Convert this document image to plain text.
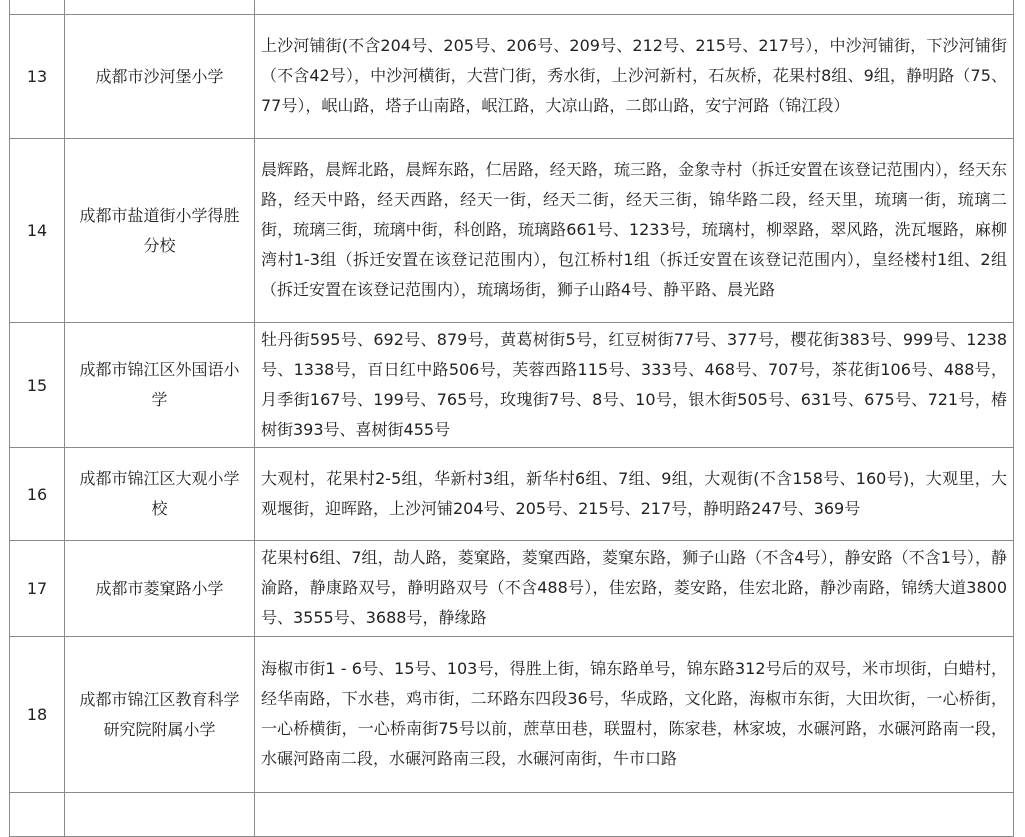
13	成都市沙河堡小学	上沙河铺街(不含204号、205号、206号、209号、212号、215号、217号），中沙河铺街，下沙河铺街（不含42号），中沙河横街，大营门街，秀水街，上沙河新村，石灰桥，花果村8组、9组，静明路（75、77号），岷山路，塔子山南路，岷江路，大凉山路，二郎山路，安宁河路（锦江段）
14	成都市盐道街小学得胜分校	晨辉路，晨辉北路，晨辉东路，仁居路，经天路，琉三路，金象寺村（拆迁安置在该登记范围内），经天东路，经天中路，经天西路，经天一街，经天二街，经天三街，锦华路二段，经天里，琉璃一街，琉璃二街，琉璃三街，琉璃中街，科创路，琉璃路661号、1233号，琉璃村，柳翠路，翠风路，洗瓦堰路，麻柳湾村1-3组（拆迁安置在该登记范围内），包江桥村1组（拆迁安置在该登记范围内），皇经楼村1组、2组（拆迁安置在该登记范围内），琉璃场街，狮子山路4号、静平路、晨光路
15	成都市锦江区外国语小学	牡丹街595号、692号、879号，黄葛树街5号，红豆树街77号、377号，樱花街383号、999号、1238号、1338号，百日红中路506号，芙蓉西路115号、333号、468号、707号，茶花街106号、488号，月季街167号、199号、765号，玫瑰街7号、8号、10号，银木街505号、631号、675号、721号，椿树街393号、喜树街455号
16	成都市锦江区大观小学校	大观村，花果村2-5组，华新村3组，新华村6组、7组、9组，大观街(不含158号、160号)，大观里，大观堰街，迎晖路，上沙河铺204号、205号、215号、217号，静明路247号、369号
17	成都市菱窠路小学	花果村6组、7组，劼人路，菱窠路，菱窠西路，菱窠东路，狮子山路（不含4号），静安路（不含1号），静渝路，静康路双号，静明路双号（不含488号），佳宏路，菱安路，佳宏北路，静沙南路，锦绣大道3800号、3555号、3688号，静缘路
18	成都市锦江区教育科学研究院附属小学	海椒市街1 - 6号、15号、103号，得胜上街，锦东路单号，锦东路312号后的双号，米市坝街，白蜡村，经华南路，下水巷，鸡市街，二环路东四段36号，华成路，文化路，海椒市东街，大田坎街，一心桥街，一心桥横街，一心桥南街75号以前，蔗草田巷，联盟村，陈家巷，林家坡，水碾河路，水碾河路南一段，水碾河路南二段，水碾河路南三段，水碾河南街，牛市口路
